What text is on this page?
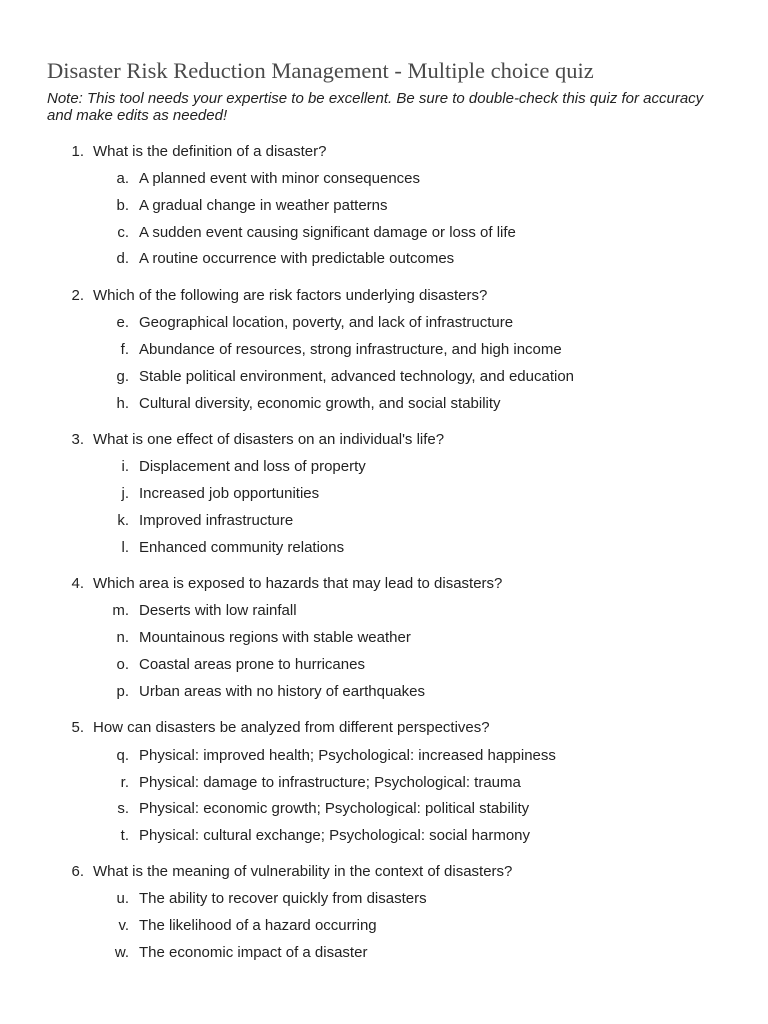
Disaster Risk Reduction Management - Multiple choice quiz

Note: This tool needs your expertise to be excellent. Be sure to double-check this quiz for accuracy and make edits as needed!

1. What is the definition of a disaster?
a. A planned event with minor consequences
b. A gradual change in weather patterns
c. A sudden event causing significant damage or loss of life
d. A routine occurrence with predictable outcomes
2. Which of the following are risk factors underlying disasters?
e. Geographical location, poverty, and lack of infrastructure
f. Abundance of resources, strong infrastructure, and high income
g. Stable political environment, advanced technology, and education
h. Cultural diversity, economic growth, and social stability
3. What is one effect of disasters on an individual's life?
i. Displacement and loss of property
j. Increased job opportunities
k. Improved infrastructure
l. Enhanced community relations
4. Which area is exposed to hazards that may lead to disasters?
m. Deserts with low rainfall
n. Mountainous regions with stable weather
o. Coastal areas prone to hurricanes
p. Urban areas with no history of earthquakes
5. How can disasters be analyzed from different perspectives?
q. Physical: improved health; Psychological: increased happiness
r. Physical: damage to infrastructure; Psychological: trauma
s. Physical: economic growth; Psychological: political stability
t. Physical: cultural exchange; Psychological: social harmony
6. What is the meaning of vulnerability in the context of disasters?
u. The ability to recover quickly from disasters
v. The likelihood of a hazard occurring
w. The economic impact of a disaster
